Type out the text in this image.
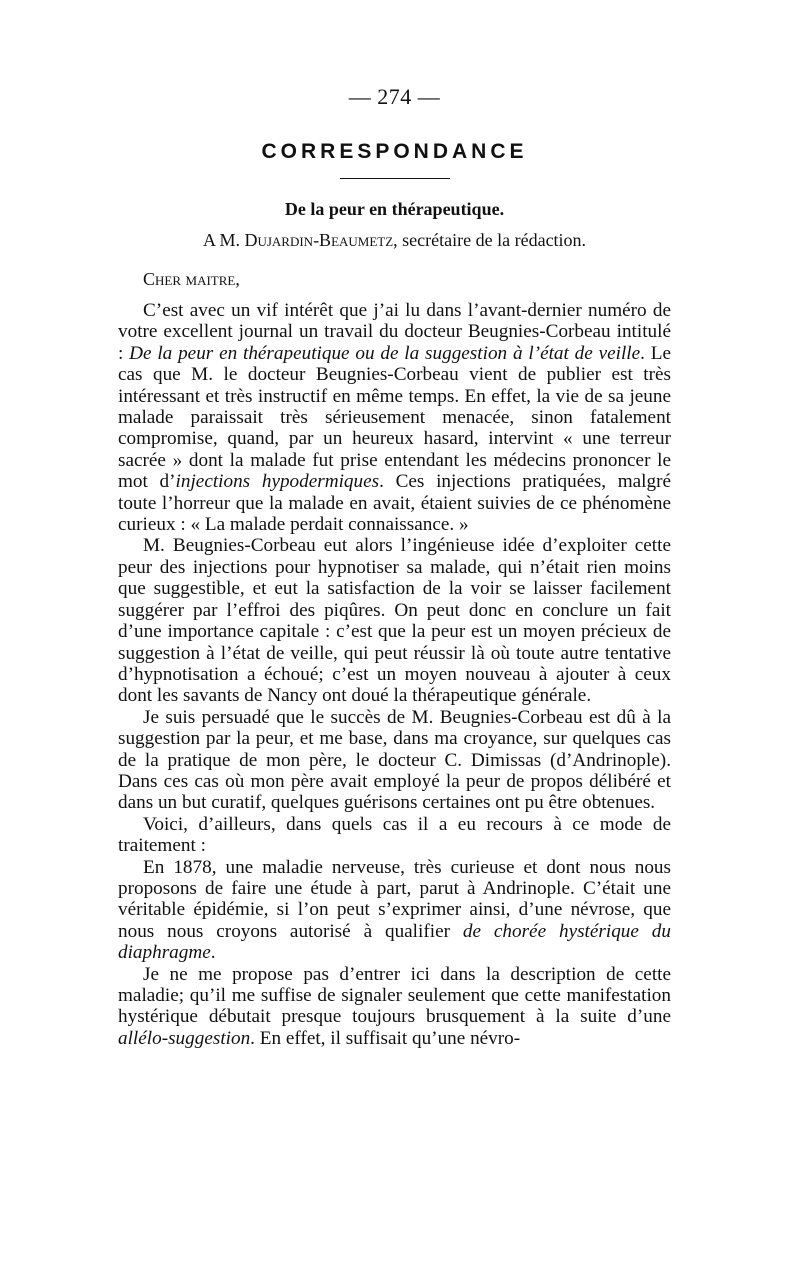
— 274 —
CORRESPONDANCE
De la peur en thérapeutique.
A M. Dujardin-Beaumetz, secrétaire de la rédaction.
Cher maitre,

C’est avec un vif intérêt que j’ai lu dans l’avant-dernier numéro de votre excellent journal un travail du docteur Beugnies-Corbeau intitulé : De la peur en thérapeutique ou de la suggestion à l’état de veille. Le cas que M. le docteur Beugnies-Corbeau vient de publier est très intéressant et très instructif en même temps. En effet, la vie de sa jeune malade paraissait très sérieusement menacée, sinon fatalement compromise, quand, par un heureux hasard, intervint « une terreur sacrée » dont la malade fut prise entendant les médecins prononcer le mot d’injections hypodermiques. Ces injections pratiquées, malgré toute l’horreur que la malade en avait, étaient suivies de ce phénomène curieux : « La malade perdait connaissance. »

M. Beugnies-Corbeau eut alors l’ingénieuse idée d’exploiter cette peur des injections pour hypnotiser sa malade, qui n’était rien moins que suggestible, et eut la satisfaction de la voir se laisser facilement suggérer par l’effroi des piqûres. On peut donc en conclure un fait d’une importance capitale : c’est que la peur est un moyen précieux de suggestion à l’état de veille, qui peut réussir là où toute autre tentative d’hypnotisation a échoué; c’est un moyen nouveau à ajouter à ceux dont les savants de Nancy ont doué la thérapeutique générale.

Je suis persuadé que le succès de M. Beugnies-Corbeau est dû à la suggestion par la peur, et me base, dans ma croyance, sur quelques cas de la pratique de mon père, le docteur C. Dimissas (d’Andrinople). Dans ces cas où mon père avait employé la peur de propos délibéré et dans un but curatif, quelques guérisons certaines ont pu être obtenues.

Voici, d’ailleurs, dans quels cas il a eu recours à ce mode de traitement :

En 1878, une maladie nerveuse, très curieuse et dont nous nous proposons de faire une étude à part, parut à Andrinople. C’était une véritable épidémie, si l’on peut s’exprimer ainsi, d’une névrose, que nous nous croyons autorisé à qualifier de chorée hystérique du diaphragme.

Je ne me propose pas d’entrer ici dans la description de cette maladie; qu’il me suffise de signaler seulement que cette manifestation hystérique débutait presque toujours brusquement à la suite d’une allélo-suggestion. En effet, il suffisait qu’une névro-
